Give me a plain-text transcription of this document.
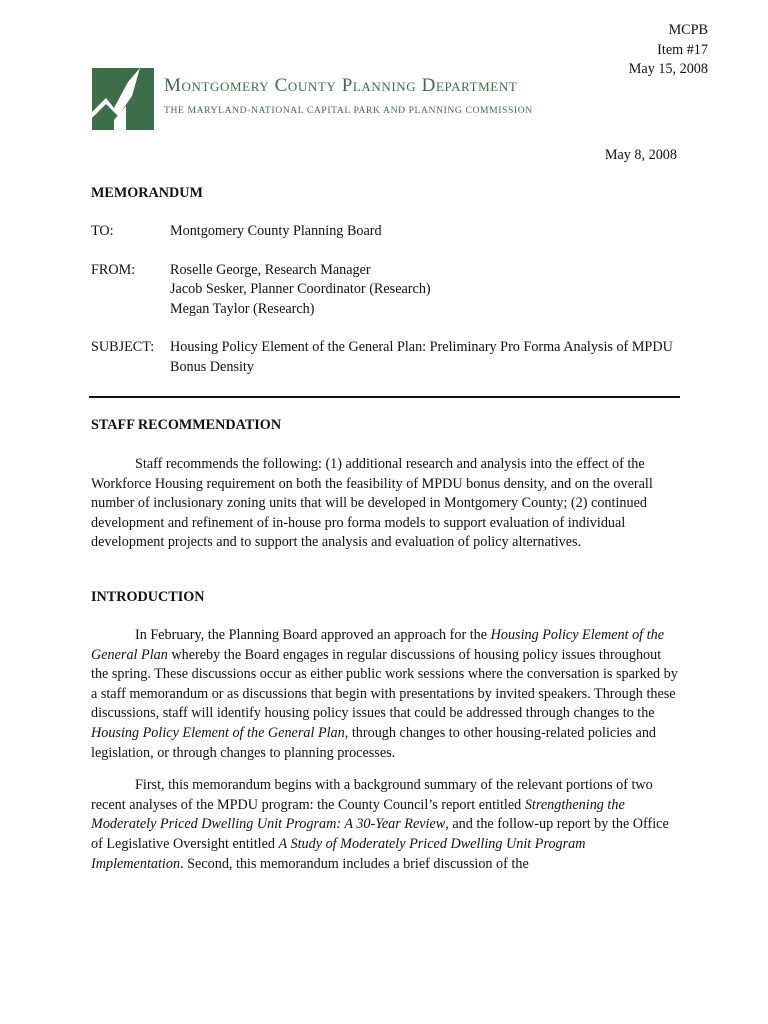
MCPB
Item #17
May 15, 2008
Montgomery County Planning Department
THE MARYLAND-NATIONAL CAPITAL PARK AND PLANNING COMMISSION
May 8, 2008
MEMORANDUM
TO:	Montgomery County Planning Board
FROM:	Roselle George, Research Manager
Jacob Sesker, Planner Coordinator (Research)
Megan Taylor (Research)
SUBJECT:	Housing Policy Element of the General Plan: Preliminary Pro Forma Analysis of MPDU Bonus Density
STAFF RECOMMENDATION

Staff recommends the following: (1) additional research and analysis into the effect of the Workforce Housing requirement on both the feasibility of MPDU bonus density, and on the overall number of inclusionary zoning units that will be developed in Montgomery County; (2) continued development and refinement of in-house pro forma models to support evaluation of individual development projects and to support the analysis and evaluation of policy alternatives.

INTRODUCTION

In February, the Planning Board approved an approach for the Housing Policy Element of the General Plan whereby the Board engages in regular discussions of housing policy issues throughout the spring. These discussions occur as either public work sessions where the conversation is sparked by a staff memorandum or as discussions that begin with presentations by invited speakers. Through these discussions, staff will identify housing policy issues that could be addressed through changes to the Housing Policy Element of the General Plan, through changes to other housing-related policies and legislation, or through changes to planning processes.

First, this memorandum begins with a background summary of the relevant portions of two recent analyses of the MPDU program: the County Council’s report entitled Strengthening the Moderately Priced Dwelling Unit Program: A 30-Year Review, and the follow-up report by the Office of Legislative Oversight entitled A Study of Moderately Priced Dwelling Unit Program Implementation. Second, this memorandum includes a brief discussion of the
